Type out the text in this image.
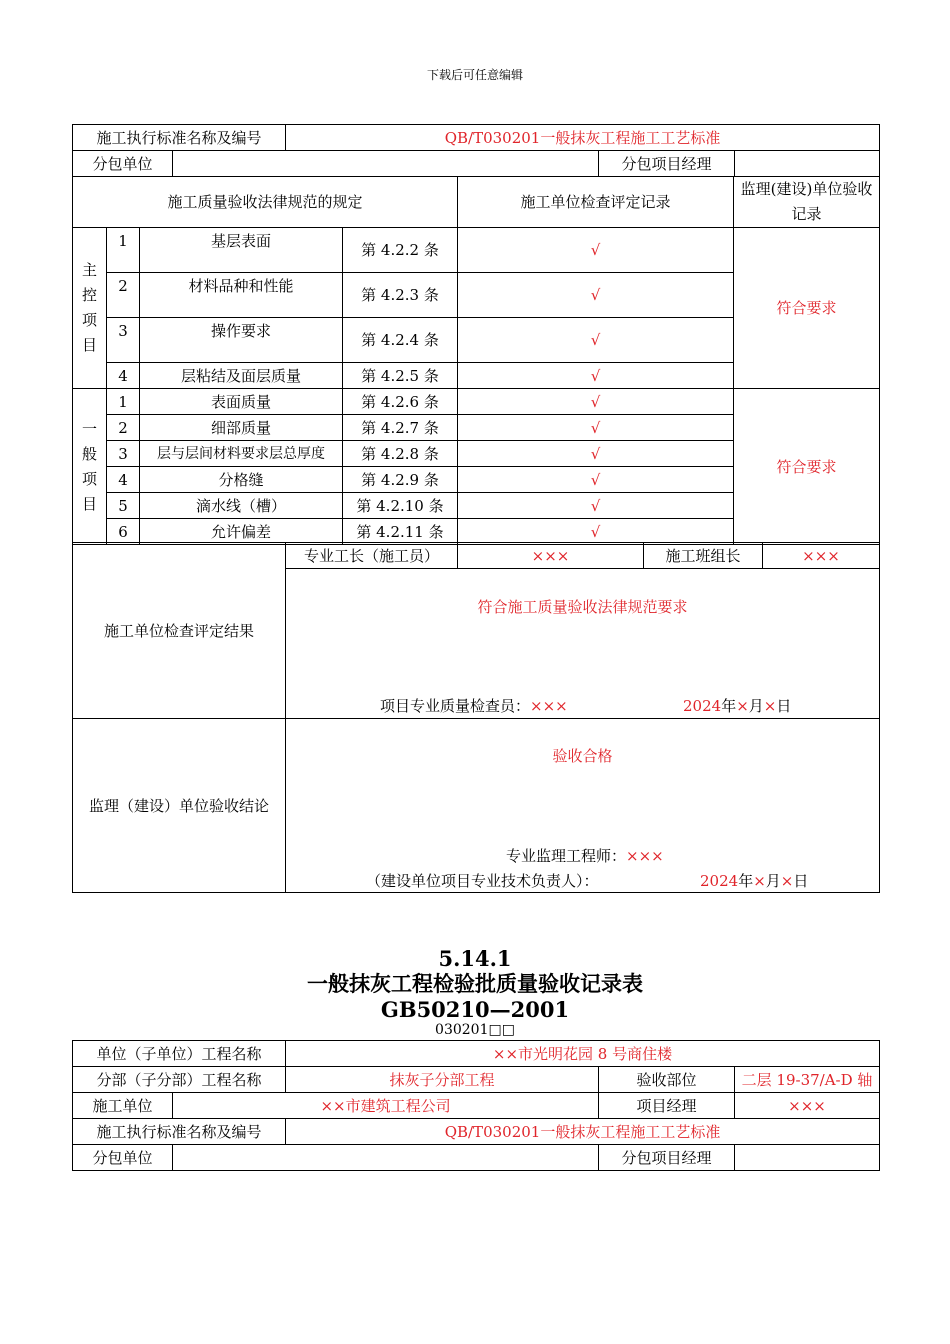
下载后可任意编辑
施工执行标准名称及编号		QB/T030201一般抹灰工程施工工艺标准		
分包单位			分包项目经理	
施工质量验收法律规范的规定				施工单位检查评定记录	监理(建设)单位验收记录
主控项目	1	基层表面	第 4.2.2 条	√	符合要求
	2	材料品种和性能	第 4.2.3 条	√	
	3	操作要求	第 4.2.4 条	√	
	4	层粘结及面层质量	第 4.2.5 条	√	
一般项目	1	表面质量	第 4.2.6 条	√	符合要求
	2	细部质量	第 4.2.7 条	√	
	3	层与层间材料要求层总厚度	第 4.2.8 条	√	
	4	分格缝	第 4.2.9 条	√	
	5	滴水线（槽）	第 4.2.10 条	√	
	6	允许偏差	第 4.2.11 条	√	
施工单位检查评定结果	专业工长（施工员）	×××	施工班组长	×××

	符合施工质量验收法律规范要求
项目专业质量检查员：××× 2024年×月×日			

监理（建设）单位验收结论	验收合格
专业监理工程师：×××
（建设单位项目专业技术负责人）： 2024年×月×日			
5.14.1
一般抹灰工程检验批质量验收记录表
GB50210—2001
030201□□
单位（子单位）工程名称		××市光明花园 8 号商住楼		
分部（子分部）工程名称		抹灰子分部工程	验收部位	二层 19-37/A-D 轴
施工单位	××市建筑工程公司		项目经理	×××
施工执行标准名称及编号		QB/T030201一般抹灰工程施工工艺标准		
分包单位			分包项目经理	
